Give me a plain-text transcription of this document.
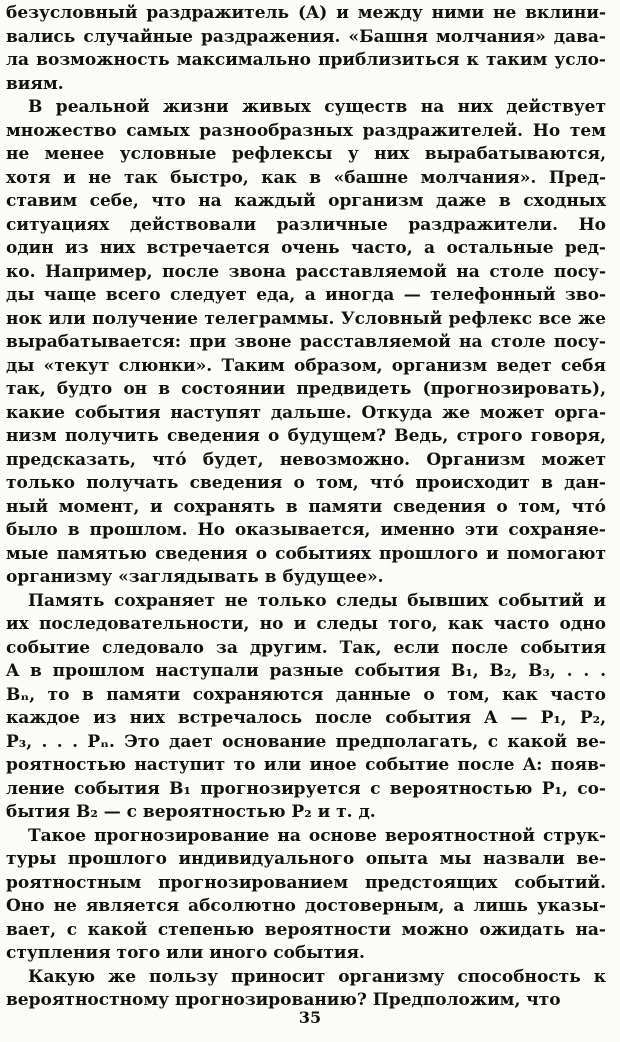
безусловный раздражитель (A) и между ними не вклини-
вались случайные раздражения. «Башня молчания» дава-
ла возможность максимально приблизиться к таким усло-
виям.
В реальной жизни живых существ на них действует
множество самых разнообразных раздражителей. Но тем
не менее условные рефлексы у них вырабатываются,
хотя и не так быстро, как в «башне молчания». Пред-
ставим себе, что на каждый организм даже в сходных
ситуациях действовали различные раздражители. Но
один из них встречается очень часто, а остальные ред-
ко. Например, после звона расставляемой на столе посу-
ды чаще всего следует еда, а иногда — телефонный зво-
нок или получение телеграммы. Условный рефлекс все же
вырабатывается: при звоне расставляемой на столе посу-
ды «текут слюнки». Таким образом, организм ведет себя
так, будто он в состоянии предвидеть (прогнозировать),
какие события наступят дальше. Откуда же может орга-
низм получить сведения о будущем? Ведь, строго говоря,
предсказать, что́ будет, невозможно. Организм может
только получать сведения о том, что́ происходит в дан-
ный момент, и сохранять в памяти сведения о том, что́
было в прошлом. Но оказывается, именно эти сохраняе-
мые памятью сведения о событиях прошлого и помогают
организму «заглядывать в будущее».
Память сохраняет не только следы бывших событий и
их последовательности, но и следы того, как часто одно
событие следовало за другим. Так, если после события
A в прошлом наступали разные события B₁, B₂, B₃, . . .
Bₙ, то в памяти сохраняются данные о том, как часто
каждое из них встречалось после события A — P₁, P₂,
P₃, . . . Pₙ. Это дает основание предполагать, с какой ве-
роятностью наступит то или иное событие после A: появ-
ление события B₁ прогнозируется с вероятностью P₁, со-
бытия B₂ — с вероятностью P₂ и т. д.
Такое прогнозирование на основе вероятностной струк-
туры прошлого индивидуального опыта мы назвали ве-
роятностным прогнозированием предстоящих событий.
Оно не является абсолютно достоверным, а лишь указы-
вает, с какой степенью вероятности можно ожидать на-
ступления того или иного события.
Какую же пользу приносит организму способность к
вероятностному прогнозированию? Предположим, что
35
